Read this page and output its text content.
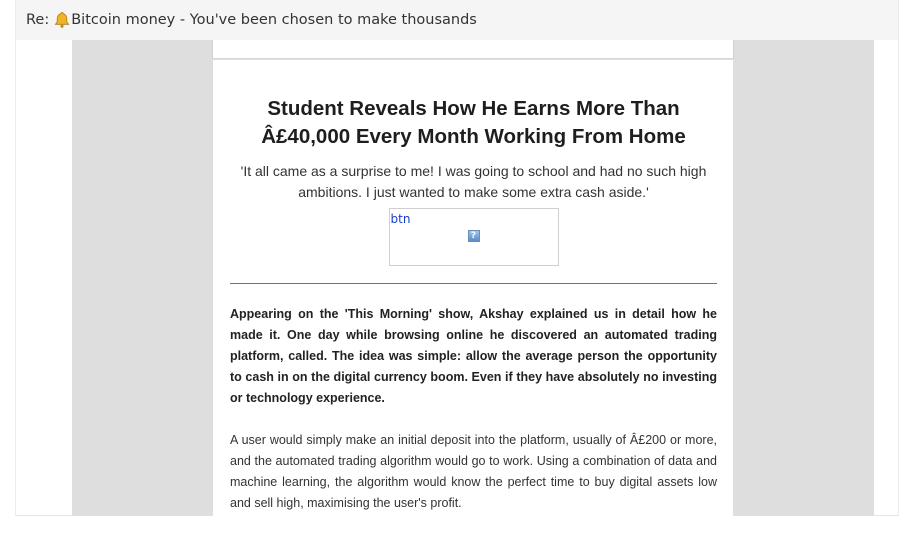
Re: Bitcoin money - You've been chosen to make thousands
Student Reveals How He Earns More Than Â£40,000 Every Month Working From Home
'It all came as a surprise to me! I was going to school and had no such high ambitions. I just wanted to make some extra cash aside.'
btn
?

Appearing on the 'This Morning' show, Akshay explained us in detail how he made it. One day while browsing online he discovered an automated trading platform, called. The idea was simple: allow the average person the opportunity to cash in on the digital currency boom. Even if they have absolutely no investing or technology experience.

A user would simply make an initial deposit into the platform, usually of Â£200 or more, and the automated trading algorithm would go to work. Using a combination of data and machine learning, the algorithm would know the perfect time to buy digital assets low and sell high, maximising the user's profit.
